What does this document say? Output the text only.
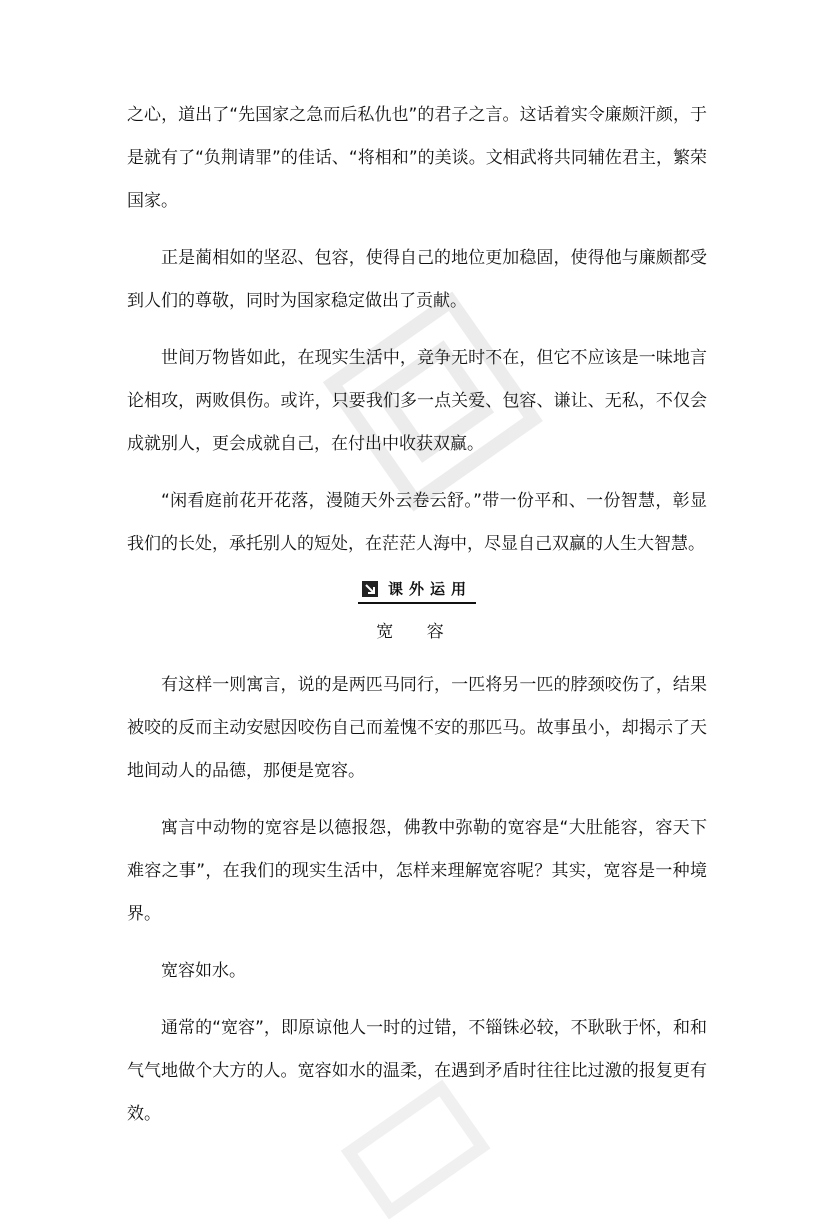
之心，道出了“先国家之急而后私仇也”的君子之言。这话着实令廉颇汗颜，于是就有了“负荆请罪”的佳话、“将相和”的美谈。文相武将共同辅佐君主，繁荣国家。

正是蔺相如的坚忍、包容，使得自己的地位更加稳固，使得他与廉颇都受到人们的尊敬，同时为国家稳定做出了贡献。

世间万物皆如此，在现实生活中，竞争无时不在，但它不应该是一味地言论相攻，两败俱伤。或许，只要我们多一点关爱、包容、谦让、无私，不仅会成就别人，更会成就自己，在付出中收获双赢。

“闲看庭前花开花落，漫随天外云卷云舒。”带一份平和、一份智慧，彰显我们的长处，承托别人的短处，在茫茫人海中，尽显自己双赢的人生大智慧。

课外运用
宽 容

有这样一则寓言，说的是两匹马同行，一匹将另一匹的脖颈咬伤了，结果被咬的反而主动安慰因咬伤自己而羞愧不安的那匹马。故事虽小，却揭示了天地间动人的品德，那便是宽容。

寓言中动物的宽容是以德报怨，佛教中弥勒的宽容是“大肚能容，容天下难容之事”，在我们的现实生活中，怎样来理解宽容呢？其实，宽容是一种境界。

宽容如水。

通常的“宽容”，即原谅他人一时的过错，不锱铢必较，不耿耿于怀，和和气气地做个大方的人。宽容如水的温柔，在遇到矛盾时往往比过激的报复更有效。
